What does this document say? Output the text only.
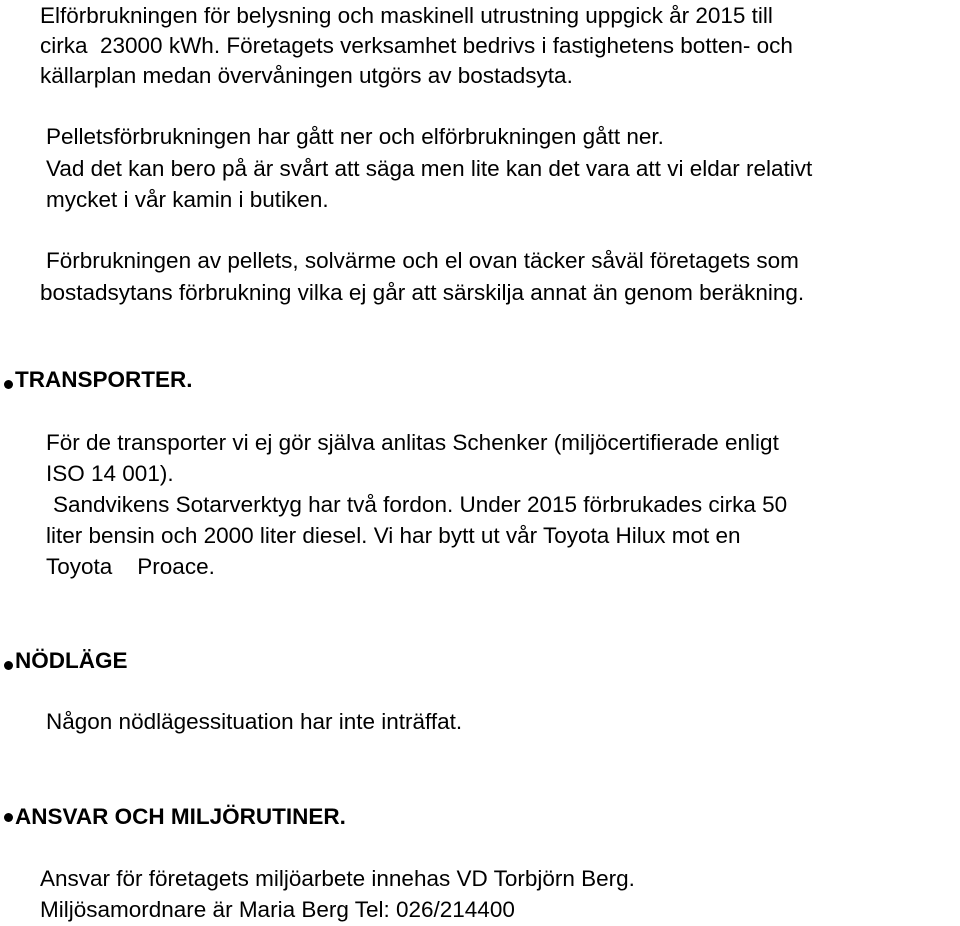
Elförbrukningen för belysning och maskinell utrustning uppgick år 2015 till
cirka  23000 kWh. Företagets verksamhet bedrivs i fastighetens botten- och
källarplan medan övervåningen utgörs av bostadsyta.
Pelletsförbrukningen har gått ner och elförbrukningen gått ner.
Vad det kan bero på är svårt att säga men lite kan det vara att vi eldar relativt
mycket i vår kamin i butiken.
Förbrukningen av pellets, solvärme och el ovan täcker såväl företagets som
bostadsytans förbrukning vilka ej går att särskilja annat än genom beräkning.
TRANSPORTER.
För de transporter vi ej gör själva anlitas Schenker (miljöcertifierade enligt
ISO 14 001).
Sandvikens Sotarverktyg har två fordon. Under 2015 förbrukades cirka 50
liter bensin och 2000 liter diesel. Vi har bytt ut vår Toyota Hilux mot en
Toyota    Proace.
NÖDLÄGE
Någon nödlägessituation har inte inträffat.
ANSVAR OCH MILJÖRUTINER.
Ansvar för företagets miljöarbete innehas VD Torbjörn Berg.
Miljösamordnare är Maria Berg Tel: 026/214400
